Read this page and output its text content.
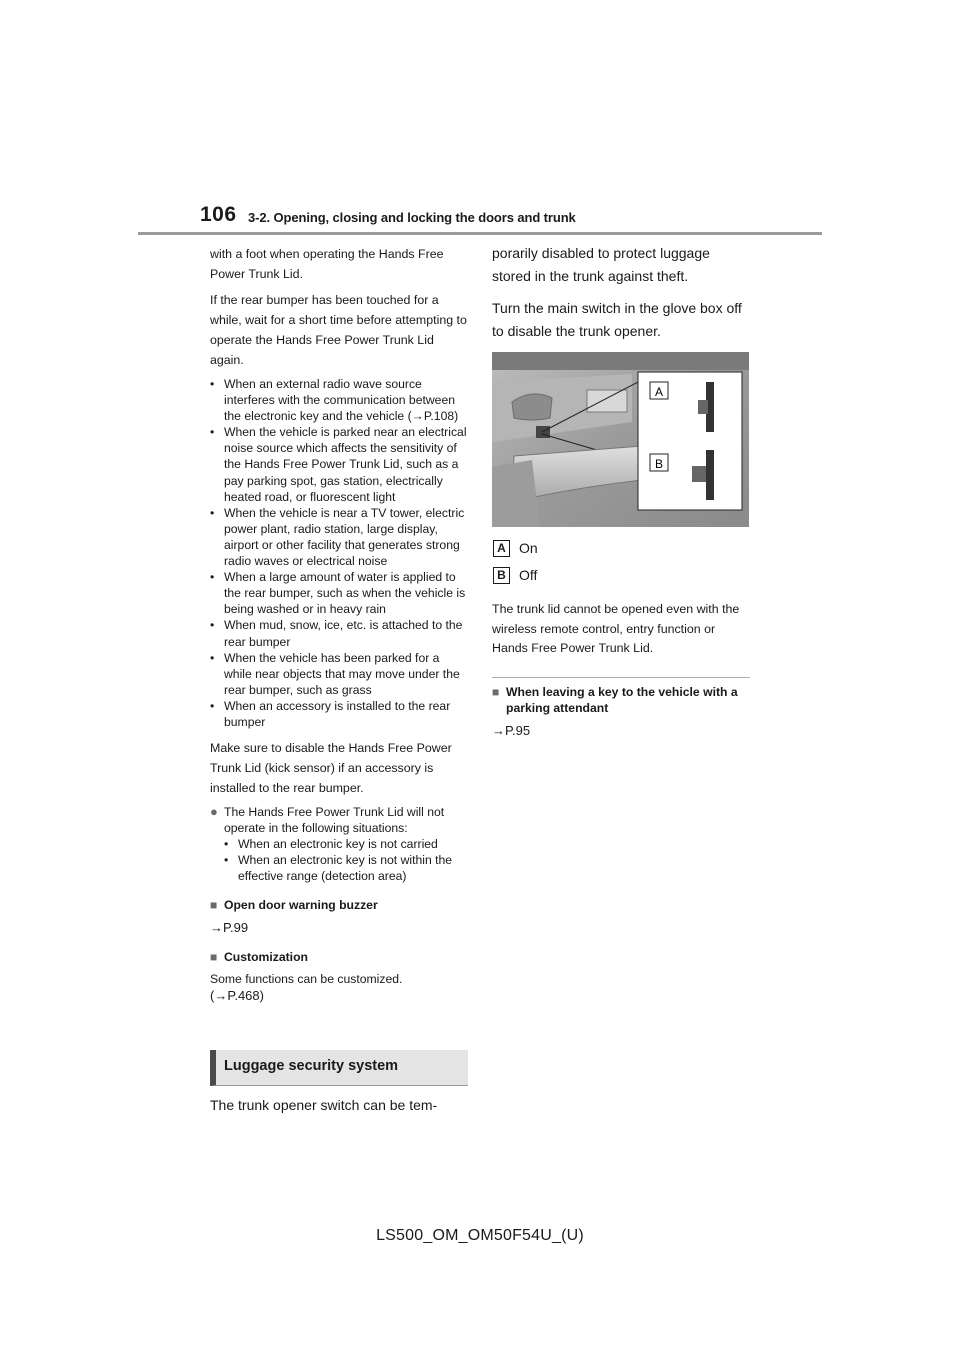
106 3-2. Opening, closing and locking the doors and trunk

with a foot when operating the Hands Free Power Trunk Lid.

If the rear bumper has been touched for a while, wait for a short time before attempting to operate the Hands Free Power Trunk Lid again.

• When an external radio wave source interferes with the communication between the electronic key and the vehicle (→P.108)
• When the vehicle is parked near an electrical noise source which affects the sensitivity of the Hands Free Power Trunk Lid, such as a pay parking spot, gas station, electrically heated road, or fluorescent light
• When the vehicle is near a TV tower, electric power plant, radio station, large display, airport or other facility that generates strong radio waves or electrical noise
• When a large amount of water is applied to the rear bumper, such as when the vehicle is being washed or in heavy rain
• When mud, snow, ice, etc. is attached to the rear bumper
• When the vehicle has been parked for a while near objects that may move under the rear bumper, such as grass
• When an accessory is installed to the rear bumper

Make sure to disable the Hands Free Power Trunk Lid (kick sensor) if an accessory is installed to the rear bumper.

● The Hands Free Power Trunk Lid will not operate in the following situations:
• When an electronic key is not carried
• When an electronic key is not within the effective range (detection area)
■ Open door warning buzzer
→P.99
■ Customization
Some functions can be customized.
(→P.468)
Luggage security system
The trunk opener switch can be tem-

porarily disabled to protect luggage stored in the trunk against theft.

Turn the main switch in the glove box off to disable the trunk opener.

A
B
A On
B Off

The trunk lid cannot be opened even with the wireless remote control, entry function or Hands Free Power Trunk Lid.

■ When leaving a key to the vehicle with a parking attendant
→P.95
LS500_OM_OM50F54U_(U)
